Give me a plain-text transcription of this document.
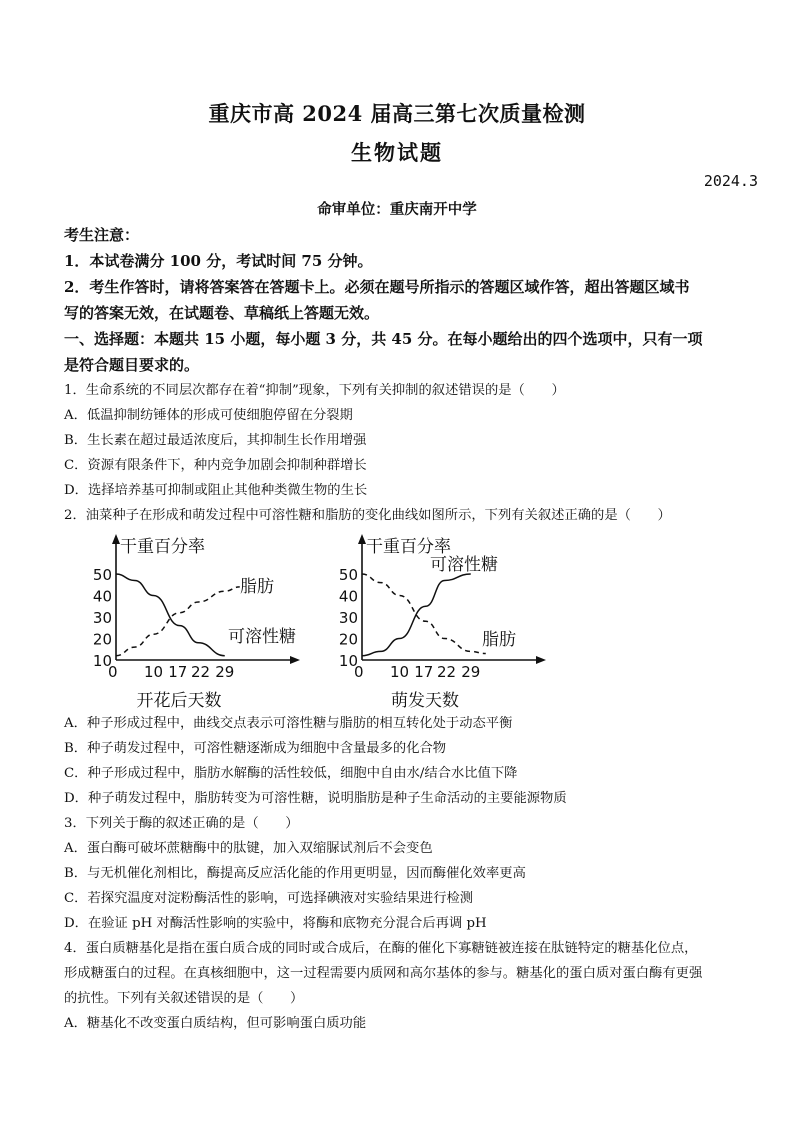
重庆市高 2024 届高三第七次质量检测
生物试题
2024.3
命审单位：重庆南开中学
考生注意：
1．本试卷满分 100 分，考试时间 75 分钟。
2．考生作答时，请将答案答在答题卡上。必须在题号所指示的答题区域作答，超出答题区域书
写的答案无效，在试题卷、草稿纸上答题无效。
一、选择题：本题共 15 小题，每小题 3 分，共 45 分。在每小题给出的四个选项中，只有一项
是符合题目要求的。
1．生命系统的不同层次都存在着“抑制”现象，下列有关抑制的叙述错误的是（　　）
A．低温抑制纺锤体的形成可使细胞停留在分裂期
B．生长素在超过最适浓度后，其抑制生长作用增强
C．资源有限条件下，种内竞争加剧会抑制种群增长
D．选择培养基可抑制或阻止其他种类微生物的生长
2．油菜种子在形成和萌发过程中可溶性糖和脂肪的变化曲线如图所示，下列有关叙述正确的是（　　）
干重百分率
10
20
30
40
50
0 10 17 22 29
开花后天数
脂肪
可溶性糖
干重百分率
10
20
30
40
50
0 10 17 22 29
萌发天数
可溶性糖
脂肪
A．种子形成过程中，曲线交点表示可溶性糖与脂肪的相互转化处于动态平衡
B．种子萌发过程中，可溶性糖逐渐成为细胞中含量最多的化合物
C．种子形成过程中，脂肪水解酶的活性较低，细胞中自由水/结合水比值下降
D．种子萌发过程中，脂肪转变为可溶性糖，说明脂肪是种子生命活动的主要能源物质
3．下列关于酶的叙述正确的是（　　）
A．蛋白酶可破坏蔗糖酶中的肽键，加入双缩脲试剂后不会变色
B．与无机催化剂相比，酶提高反应活化能的作用更明显，因而酶催化效率更高
C．若探究温度对淀粉酶活性的影响，可选择碘液对实验结果进行检测
D．在验证 pH 对酶活性影响的实验中，将酶和底物充分混合后再调 pH
4．蛋白质糖基化是指在蛋白质合成的同时或合成后，在酶的催化下寡糖链被连接在肽链特定的糖基化位点，
形成糖蛋白的过程。在真核细胞中，这一过程需要内质网和高尔基体的参与。糖基化的蛋白质对蛋白酶有更强
的抗性。下列有关叙述错误的是（　　）
A．糖基化不改变蛋白质结构，但可影响蛋白质功能
